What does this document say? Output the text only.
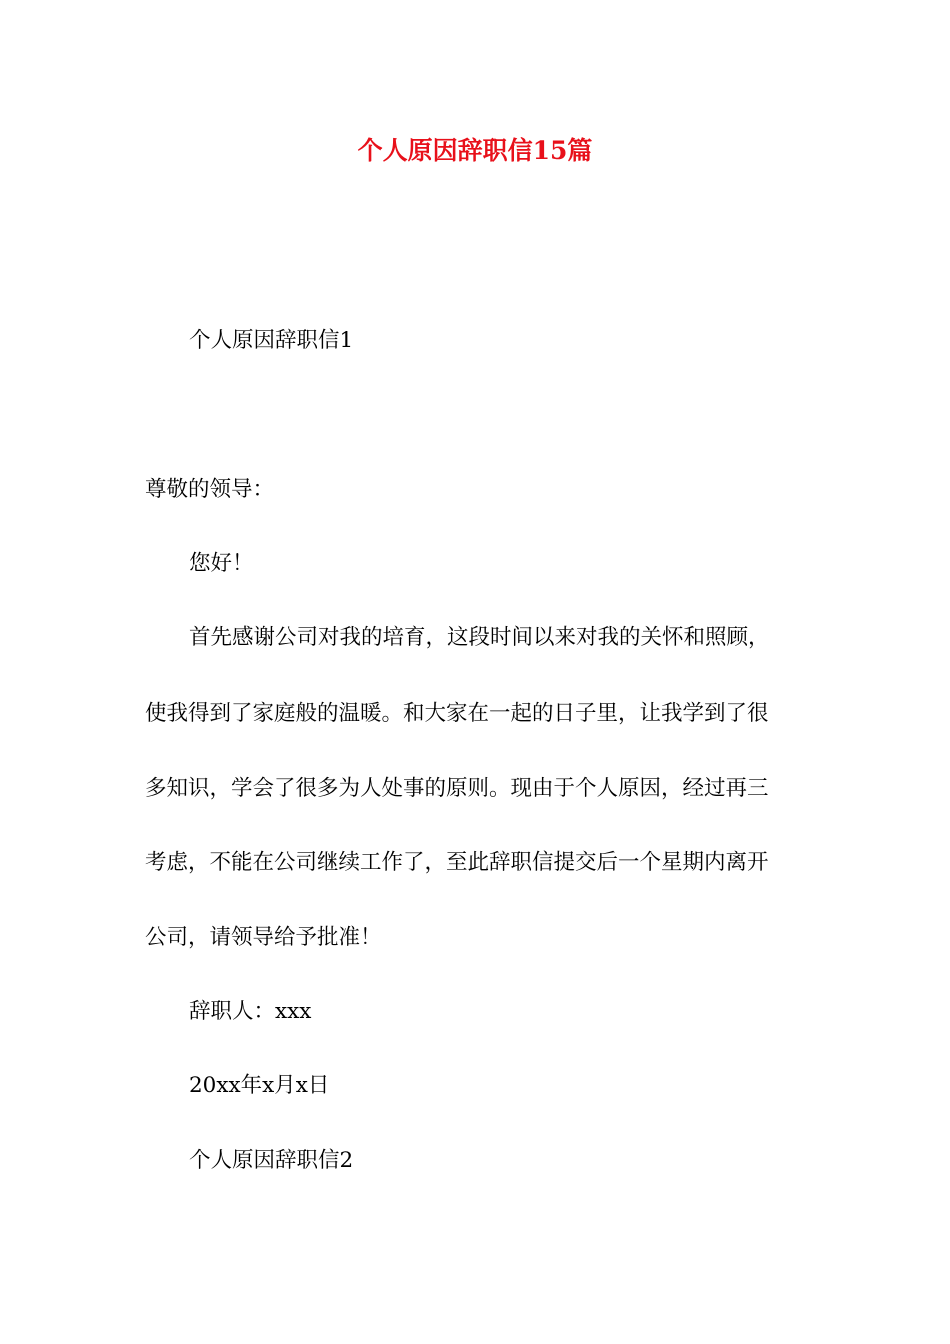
个人原因辞职信15篇
个人原因辞职信1
尊敬的领导：
您好！
首先感谢公司对我的培育，这段时间以来对我的关怀和照顾，
使我得到了家庭般的温暖。和大家在一起的日子里，让我学到了很
多知识，学会了很多为人处事的原则。现由于个人原因，经过再三
考虑，不能在公司继续工作了，至此辞职信提交后一个星期内离开
公司，请领导给予批准！
辞职人：xxx
20xx年x月x日
个人原因辞职信2
